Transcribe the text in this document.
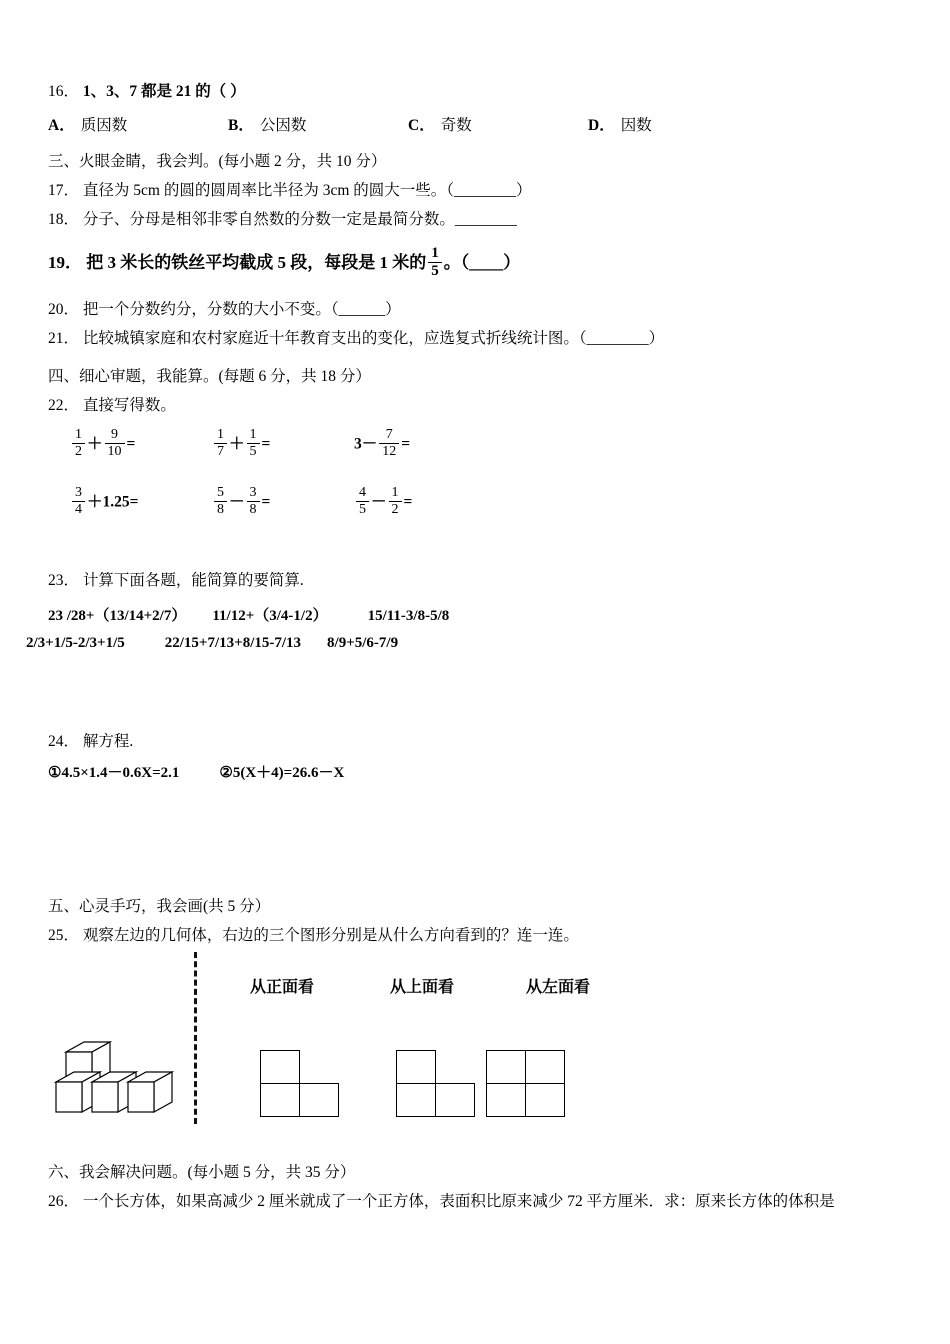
16． 1、3、7 都是 21 的（ ）
A． 质因数	B． 公因数	C． 奇数	D． 因数
三、火眼金睛，我会判。(每小题 2 分，共 10 分）
17． 直径为 5cm 的圆的圆周率比半径为 3cm 的圆大一些。（________）
18． 分子、分母是相邻非零自然数的分数一定是最简分数。________
19． 把 3 米长的铁丝平均截成 5 段，每段是 1 米的 $\frac{1}{5}$ 。（____）
20． 把一个分数约分，分数的大小不变。（______）
21． 比较城镇家庭和农村家庭近十年教育支出的变化，应选复式折线统计图。（________）
四、细心审题，我能算。(每题 6 分，共 18 分）
22． 直接写得数。
$\frac{1}{2} + \frac{9}{10}$ =	$\frac{1}{7} + \frac{1}{5}$ =	$3- \frac{7}{12}$ =
$\frac{3}{4} +1.25=$	$\frac{5}{8} - \frac{3}{8}$ =	$\frac{4}{5} - \frac{1}{2}$ =
23． 计算下面各题，能简算的要简算.
23 /28+（13/14+2/7） 11/12+（3/4-1/2）	15/11-3/8-5/8
2/3+1/5-2/3+1/5	22/15+7/13+8/15-7/13 8/9+5/6-7/9
24． 解方程.
①4.5×1.4－0.6X=2.1	②5(X＋4)=26.6－X
五、心灵手巧，我会画(共 5 分）
25． 观察左边的几何体，右边的三个图形分别是从什么方向看到的？连一连。
从正面看	从上面看	从左面看

六、我会解决问题。(每小题 5 分，共 35 分）
26． 一个长方体，如果高减少 2 厘米就成了一个正方体，表面积比原来减少 72 平方厘米．求：原来长方体的体积是
